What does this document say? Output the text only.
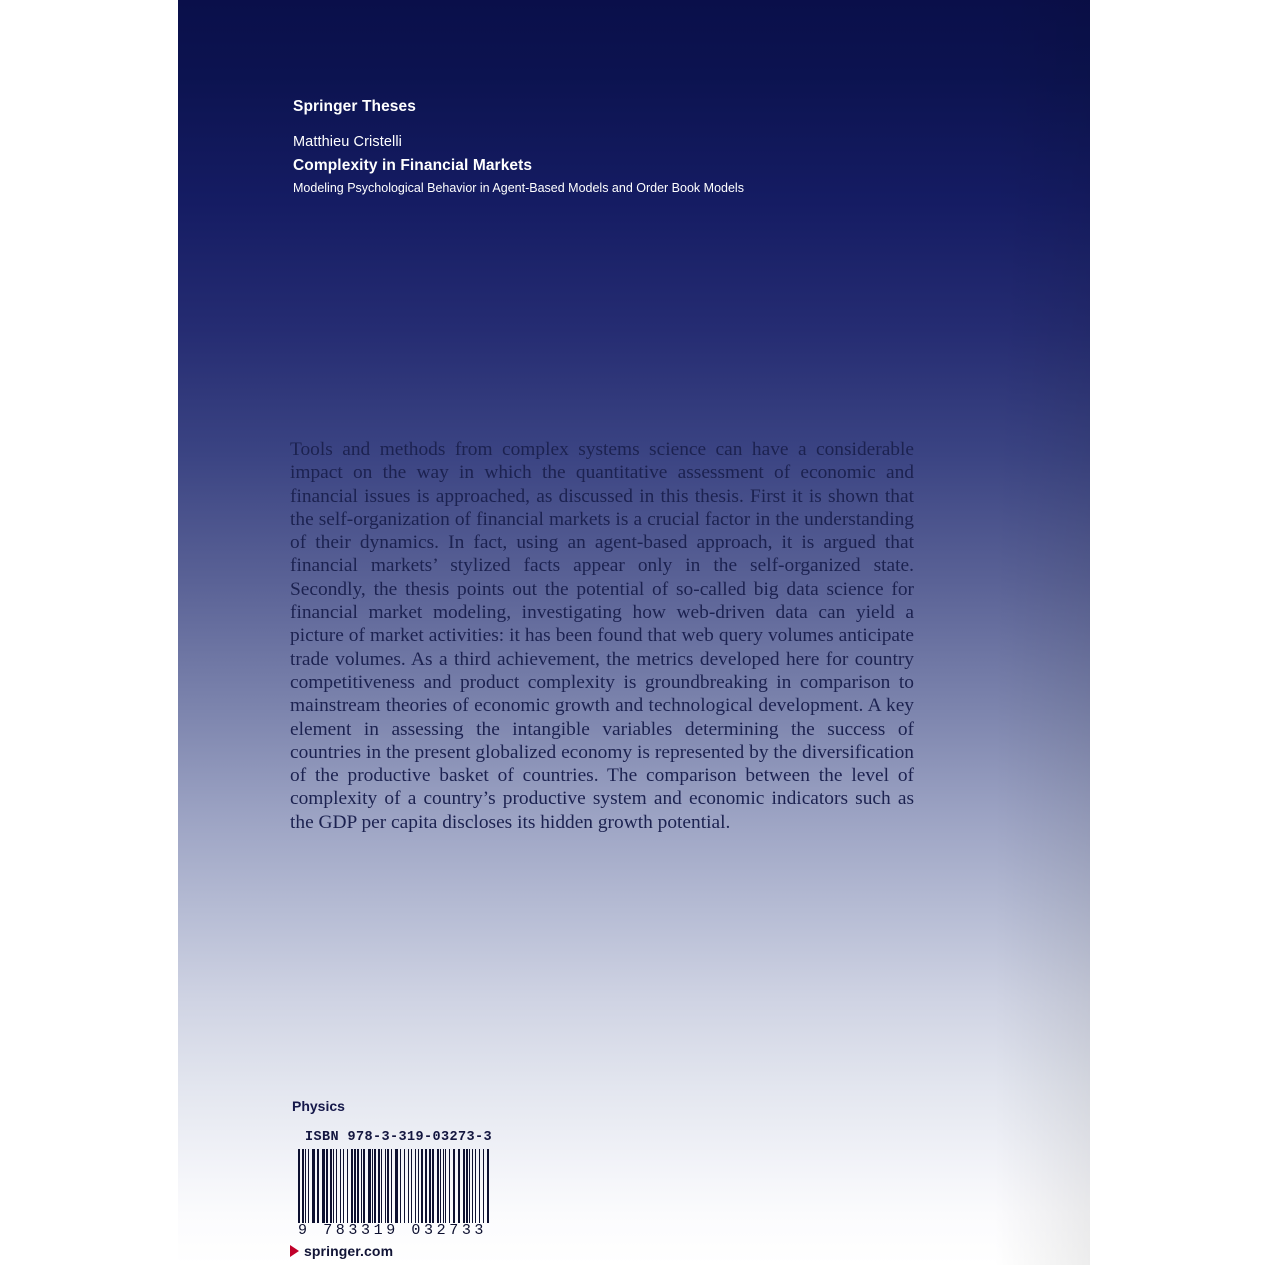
Springer Theses
Matthieu Cristelli
Complexity in Financial Markets
Modeling Psychological Behavior in Agent-Based Models and Order Book Models
Tools and methods from complex systems science can have a considerable impact on the way in which the quantitative assessment of economic and financial issues is approached, as discussed in this thesis. First it is shown that the self-organization of financial markets is a crucial factor in the understanding of their dynamics. In fact, using an agent-based approach, it is argued that financial markets’ stylized facts appear only in the self-organized state. Secondly, the thesis points out the potential of so-called big data science for financial market modeling, investigating how web-driven data can yield a picture of market activities: it has been found that web query volumes anticipate trade volumes. As a third achievement, the metrics developed here for country competitiveness and product complexity is groundbreaking in comparison to mainstream theories of economic growth and technological development. A key element in assessing the intangible variables determining the success of countries in the present globalized economy is represented by the diversification of the productive basket of countries. The comparison between the level of complexity of a country’s productive system and economic indicators such as the GDP per capita discloses its hidden growth potential.
Physics
ISBN 978-3-319-03273-3
9 783319 032733
springer.com
